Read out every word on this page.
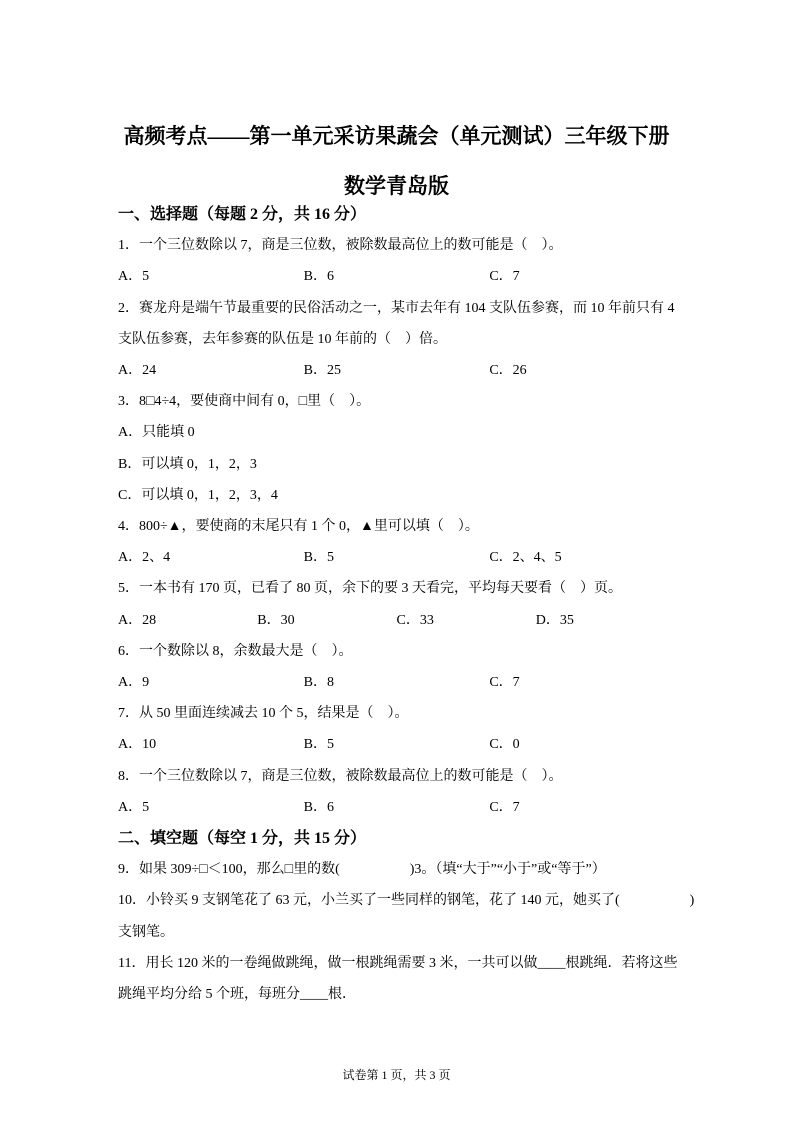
高频考点——第一单元采访果蔬会（单元测试）三年级下册
数学青岛版
一、选择题（每题 2 分，共 16 分）
1．一个三位数除以 7，商是三位数，被除数最高位上的数可能是（　）。
A．5	B．6	C．7
2．赛龙舟是端午节最重要的民俗活动之一，某市去年有 104 支队伍参赛，而 10 年前只有 4
支队伍参赛，去年参赛的队伍是 10 年前的（　）倍。
A．24	B．25	C．26
3．8□4÷4，要使商中间有 0，□里（　）。
A．只能填 0
B．可以填 0，1，2，3
C．可以填 0，1，2，3，4
4．800÷▲，要使商的末尾只有 1 个 0，▲里可以填（　）。
A．2、4	B．5	C．2、4、5
5．一本书有 170 页，已看了 80 页，余下的要 3 天看完，平均每天要看（　）页。
A．28	B．30	C．33	D．35
6．一个数除以 8，余数最大是（　）。
A．9	B．8	C．7
7．从 50 里面连续减去 10 个 5，结果是（　）。
A．10	B．5	C．0
8．一个三位数除以 7，商是三位数，被除数最高位上的数可能是（　）。
A．5	B．6	C．7
二、填空题（每空 1 分，共 15 分）
9．如果 309÷□＜100，那么□里的数(　　　　　)3。（填“大于”“小于”或“等于”）
10．小铃买 9 支钢笔花了 63 元，小兰买了一些同样的钢笔，花了 140 元，她买了(　　　　　)
支钢笔。
11．用长 120 米的一卷绳做跳绳，做一根跳绳需要 3 米，一共可以做____根跳绳．若将这些
跳绳平均分给 5 个班，每班分____根．
试卷第 1 页，共 3 页
